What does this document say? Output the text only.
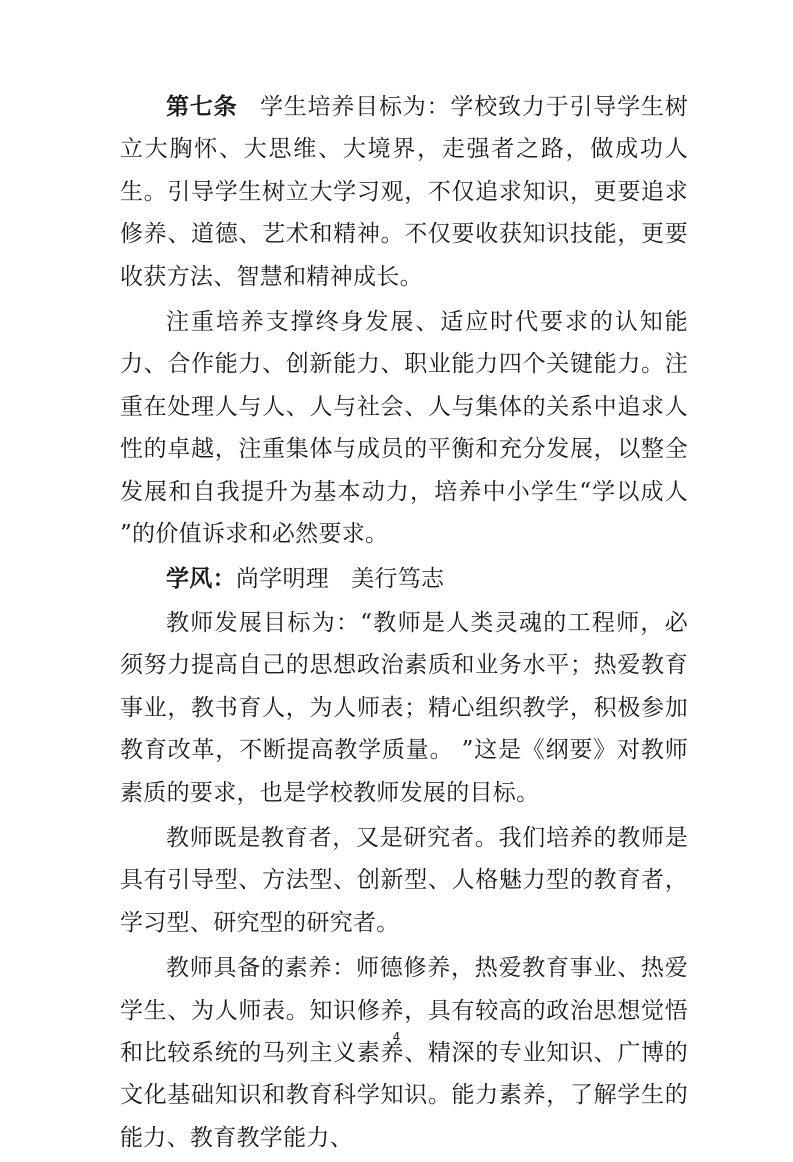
第七条 学生培养目标为：学校致力于引导学生树立大胸怀、大思维、大境界，走强者之路，做成功人生。引导学生树立大学习观，不仅追求知识，更要追求修养、道德、艺术和精神。不仅要收获知识技能，更要收获方法、智慧和精神成长。

注重培养支撑终身发展、适应时代要求的认知能力、合作能力、创新能力、职业能力四个关键能力。注重在处理人与人、人与社会、人与集体的关系中追求人性的卓越，注重集体与成员的平衡和充分发展，以整全发展和自我提升为基本动力，培养中小学生“学以成人 ”的价值诉求和必然要求。

学风：尚学明理 美行笃志

教师发展目标为：“教师是人类灵魂的工程师，必须努力提高自己的思想政治素质和业务水平；热爱教育事业，教书育人，为人师表；精心组织教学，积极参加教育改革，不断提高教学质量。 ”这是《纲要》对教师素质的要求，也是学校教师发展的目标。

教师既是教育者，又是研究者。我们培养的教师是具有引导型、方法型、创新型、人格魅力型的教育者，学习型、研究型的研究者。

教师具备的素养：师德修养，热爱教育事业、热爱学生、为人师表。知识修养，具有较高的政治思想觉悟和比较系统的马列主义素养、精深的专业知识、广博的文化基础知识和教育科学知识。能力素养，了解学生的能力、教育教学能力、

4
